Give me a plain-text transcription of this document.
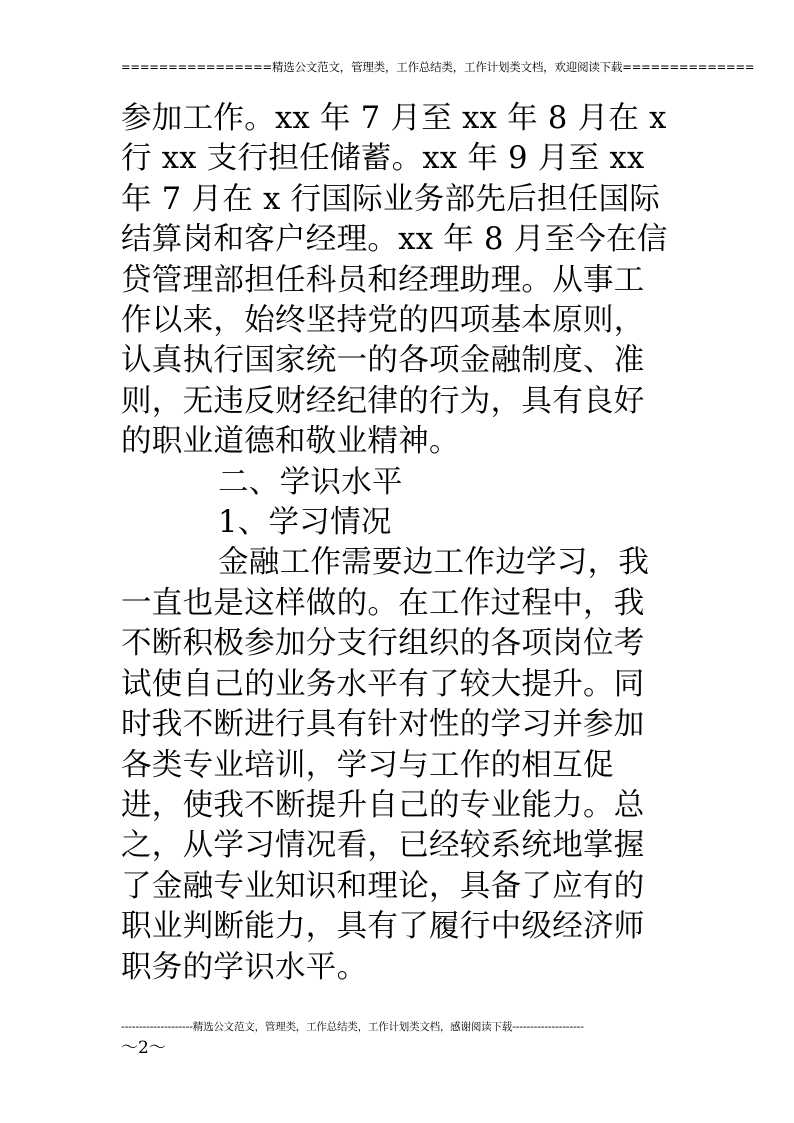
================精选公文范文，管理类，工作总结类，工作计划类文档，欢迎阅读下载==============

参加工作。xx 年 7 月至 xx 年 8 月在 x 行 xx 支行担任储蓄。xx 年 9 月至 xx 年 7 月在 x 行国际业务部先后担任国际结算岗和客户经理。xx 年 8 月至今在信贷管理部担任科员和经理助理。从事工作以来，始终坚持党的四项基本原则，认真执行国家统一的各项金融制度、准则，无违反财经纪律的行为，具有良好的职业道德和敬业精神。

二、学识水平

1、学习情况

金融工作需要边工作边学习，我一直也是这样做的。在工作过程中，我不断积极参加分支行组织的各项岗位考试使自己的业务水平有了较大提升。同时我不断进行具有针对性的学习并参加各类专业培训，学习与工作的相互促进，使我不断提升自己的专业能力。总之，从学习情况看，已经较系统地掌握了金融专业知识和理论，具备了应有的职业判断能力，具有了履行中级经济师职务的学识水平。

--------------------精选公文范文，管理类，工作总结类，工作计划类文档，感谢阅读下载--------------------
～2～
